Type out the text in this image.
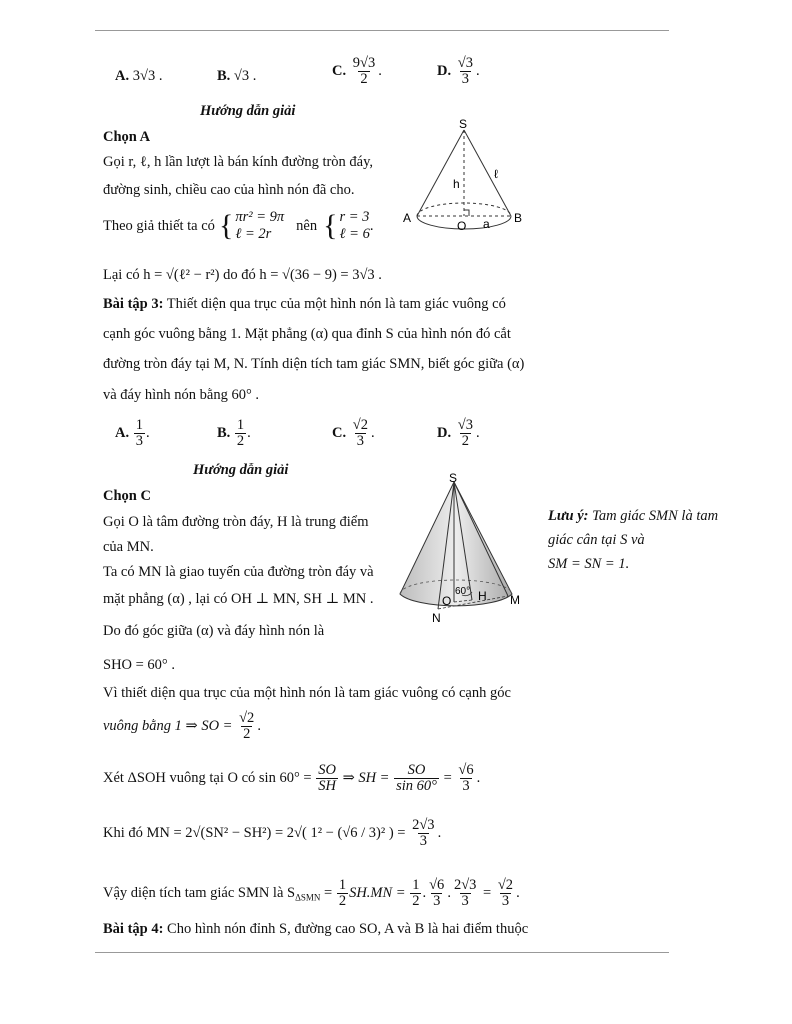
A. 3√3 .	B. √3 .	C. $\frac{9√3}{2}$ .	D. $\frac{√3}{3}$ .
Hướng dẫn giải
Chọn A
Gọi r, ℓ, h lần lượt là bán kính đường tròn đáy,
đường sinh, chiều cao của hình nón đã cho.
Theo giả thiết ta có { πr² = 9π
ℓ = 2r	nên { r = 3
ℓ = 6 .
Lại có h = √(ℓ² − r²) do đó h = √(36 − 9) = 3√3 .
S
h
ℓ
A
O a B
Bài tập 3: Thiết diện qua trục của một hình nón là tam giác vuông có
cạnh góc vuông bằng 1. Mặt phẳng (α) qua đỉnh S của hình nón đó cắt
đường tròn đáy tại M, N. Tính diện tích tam giác SMN, biết góc giữa (α)
và đáy hình nón bằng 60° .
A. $\frac{1}{3}$ .	B. $\frac{1}{2}$ .	C. $\frac{√2}{3}$ .	D. $\frac{√3}{2}$ .
Hướng dẫn giải
Chọn C
Gọi O là tâm đường tròn đáy, H là trung điểm
của MN.
Ta có MN là giao tuyến của đường tròn đáy và
mặt phẳng (α) , lại có OH ⊥ MN, SH ⊥ MN .
Do đó góc giữa (α) và đáy hình nón là
SHO = 60° .
Vì thiết diện qua trục của một hình nón là tam giác vuông có cạnh góc
vuông bằng 1 ⇒ SO = $\frac{√2}{2}$ .
Xét ΔSOH vuông tại O có $\sin 60^\circ = \frac{SO}{SH}$ ⇒ SH = $\frac{SO}{\sin 60^\circ} = \frac{√6}{3}$ .
Khi đó MN = 2√(SN² − SH²) = 2√( 1² − (√6 / 3)² ) = $\frac{2√3}{3}$ .
Vậy diện tích tam giác SMN là $S_{\Delta SMN} = \frac{1}{2} SH.MN = \frac{1}{2}$ . $\frac{√6}{3}$ . $\frac{2√3}{3} = \frac{√2}{3}$ .
S
60°
O H M
N
Lưu ý: Tam giác SMN là tam
giác cân tại S và
SM = SN = 1.
Bài tập 4: Cho hình nón đỉnh S, đường cao SO, A và B là hai điểm thuộc
